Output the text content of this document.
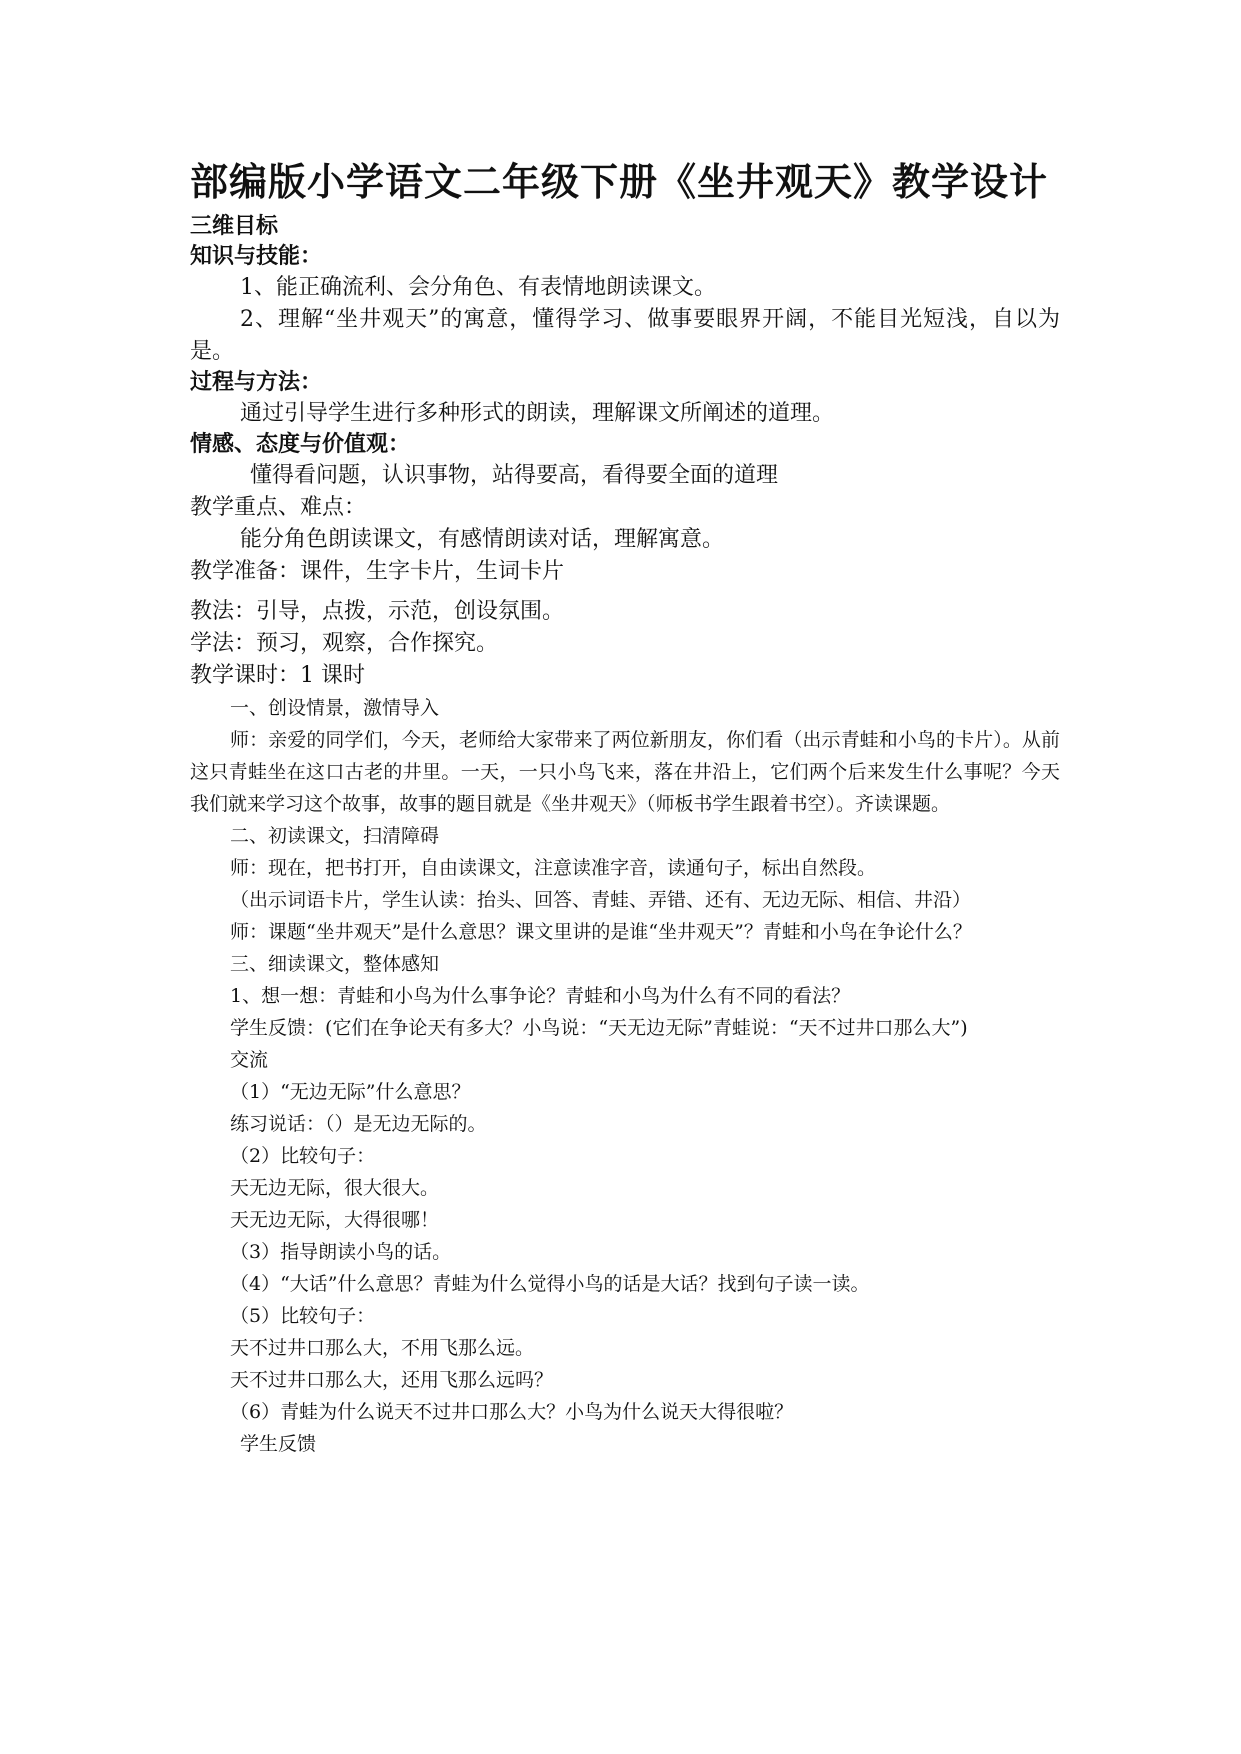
部编版小学语文二年级下册《坐井观天》教学设计
三维目标
知识与技能：
1、能正确流利、会分角色、有表情地朗读课文。
2、理解“坐井观天”的寓意，懂得学习、做事要眼界开阔，不能目光短浅，自以为是。
过程与方法：
通过引导学生进行多种形式的朗读，理解课文所阐述的道理。
情感、态度与价值观：
懂得看问题，认识事物，站得要高，看得要全面的道理
教学重点、难点：
能分角色朗读课文，有感情朗读对话，理解寓意。
教学准备：课件，生字卡片，生词卡片
教法：引导，点拨，示范，创设氛围。
学法：预习，观察，合作探究。
教学课时：1 课时
一、创设情景，激情导入
师：亲爱的同学们，今天，老师给大家带来了两位新朋友，你们看（出示青蛙和小鸟的卡片）。从前这只青蛙坐在这口古老的井里。一天，一只小鸟飞来，落在井沿上，它们两个后来发生什么事呢？今天我们就来学习这个故事，故事的题目就是《坐井观天》（师板书学生跟着书空）。齐读课题。
二、初读课文，扫清障碍
师：现在，把书打开，自由读课文，注意读准字音，读通句子，标出自然段。
（出示词语卡片，学生认读：抬头、回答、青蛙、弄错、还有、无边无际、相信、井沿）
师：课题“坐井观天”是什么意思？课文里讲的是谁“坐井观天”？青蛙和小鸟在争论什么？
三、细读课文，整体感知
1、想一想：青蛙和小鸟为什么事争论？青蛙和小鸟为什么有不同的看法？
学生反馈：(它们在争论天有多大？小鸟说：“天无边无际”青蛙说：“天不过井口那么大”)
交流
（1）“无边无际”什么意思？
练习说话：（）是无边无际的。
（2）比较句子：
天无边无际，很大很大。
天无边无际，大得很哪！
（3）指导朗读小鸟的话。
（4）“大话”什么意思？青蛙为什么觉得小鸟的话是大话？找到句子读一读。
（5）比较句子：
天不过井口那么大，不用飞那么远。
天不过井口那么大，还用飞那么远吗？
（6）青蛙为什么说天不过井口那么大？小鸟为什么说天大得很啦？
学生反馈
